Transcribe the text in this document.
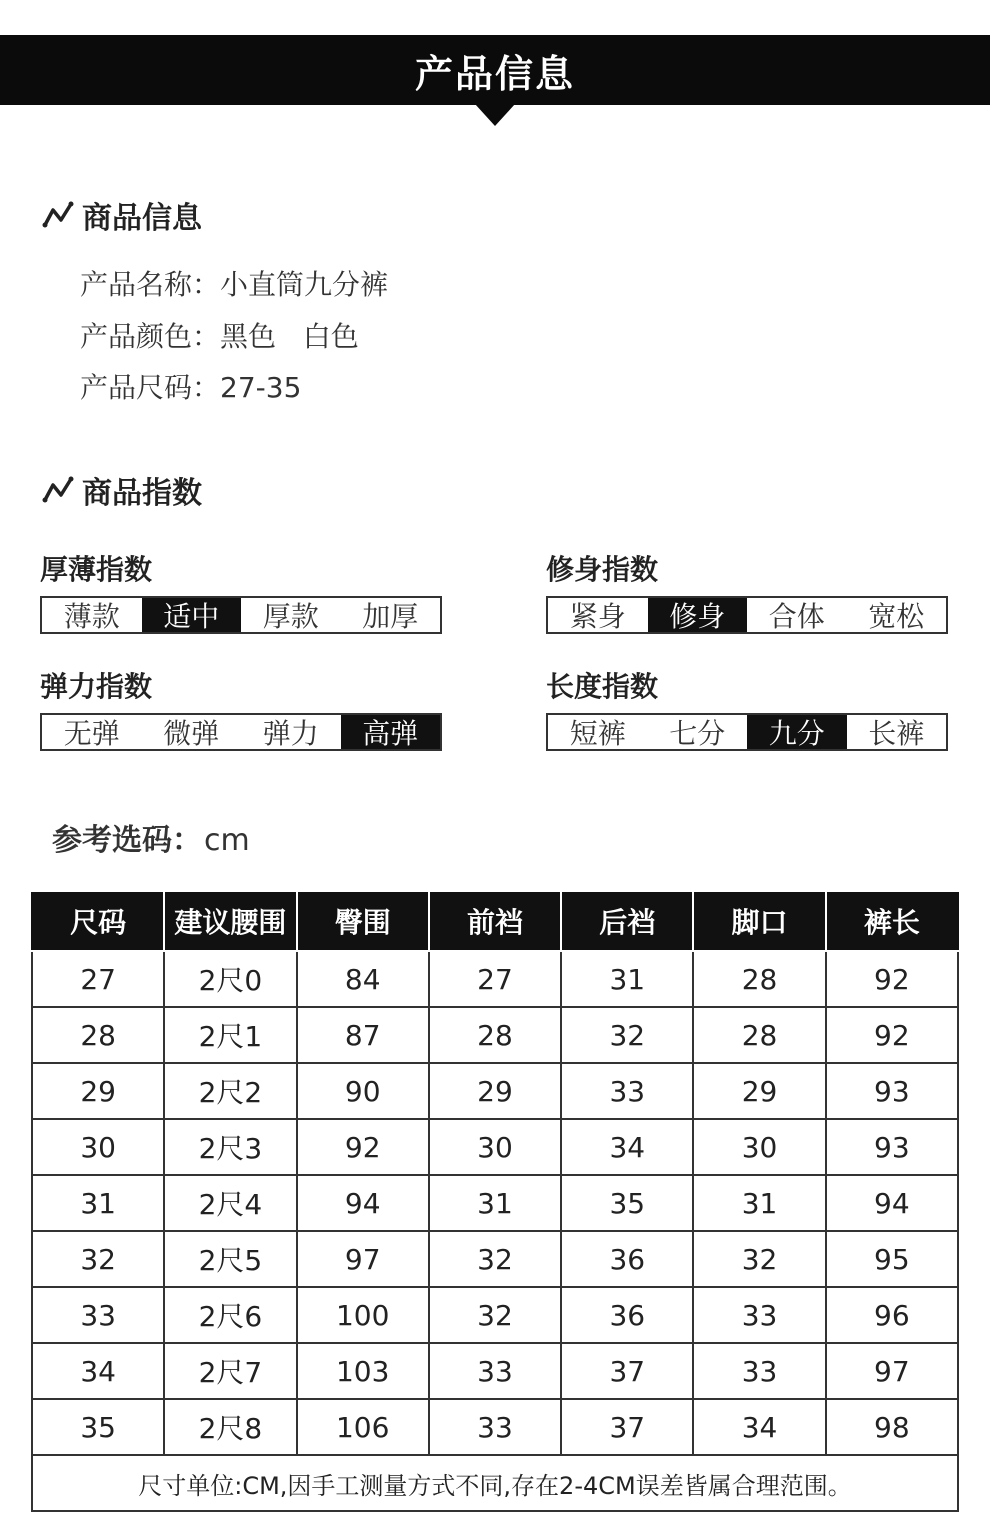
产品信息
商品信息
产品名称：小直筒九分裤
产品颜色：黑色   白色
产品尺码：27-35
商品指数
厚薄指数
薄款	适中	厚款	加厚
修身指数
紧身	修身	合体	宽松
弹力指数
无弹	微弹	弹力	高弹
长度指数
短裤	七分	九分	长裤
参考选码：cm
尺码	建议腰围	臀围	前裆	后裆	脚口	裤长
27	2尺0	84	27	31	28	92
28	2尺1	87	28	32	28	92
29	2尺2	90	29	33	29	93
30	2尺3	92	30	34	30	93
31	2尺4	94	31	35	31	94
32	2尺5	97	32	36	32	95
33	2尺6	100	32	36	33	96
34	2尺7	103	33	37	33	97
35	2尺8	106	33	37	34	98
尺寸单位:CM,因手工测量方式不同,存在2-4CM误差皆属合理范围。						
